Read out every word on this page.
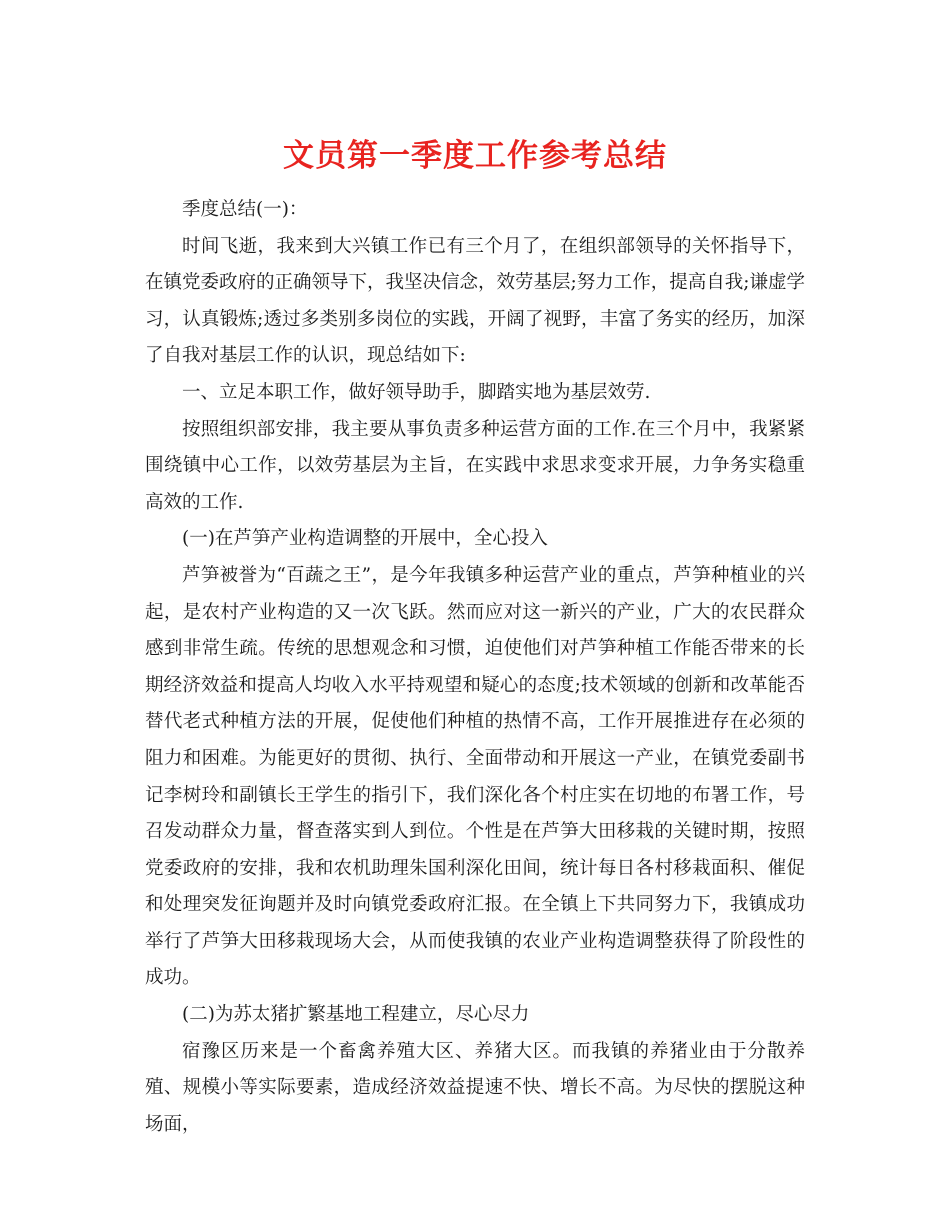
文员第一季度工作参考总结

季度总结(一)：

时间飞逝，我来到大兴镇工作已有三个月了，在组织部领导的关怀指导下，在镇党委政府的正确领导下，我坚决信念，效劳基层;努力工作，提高自我;谦虚学习，认真锻炼;透过多类别多岗位的实践，开阔了视野，丰富了务实的经历，加深了自我对基层工作的认识，现总结如下:

一、立足本职工作，做好领导助手，脚踏实地为基层效劳.

按照组织部安排，我主要从事负责多种运营方面的工作.在三个月中，我紧紧围绕镇中心工作，以效劳基层为主旨，在实践中求思求变求开展，力争务实稳重高效的工作.

(一)在芦笋产业构造调整的开展中，全心投入

芦笋被誉为“百蔬之王”，是今年我镇多种运营产业的重点，芦笋种植业的兴起，是农村产业构造的又一次飞跃。然而应对这一新兴的产业，广大的农民群众感到非常生疏。传统的思想观念和习惯，迫使他们对芦笋种植工作能否带来的长期经济效益和提高人均收入水平持观望和疑心的态度;技术领域的创新和改革能否替代老式种植方法的开展，促使他们种植的热情不高，工作开展推进存在必须的阻力和困难。为能更好的贯彻、执行、全面带动和开展这一产业，在镇党委副书记李树玲和副镇长王学生的指引下，我们深化各个村庄实在切地的布署工作，号召发动群众力量，督查落实到人到位。个性是在芦笋大田移栽的关键时期，按照党委政府的安排，我和农机助理朱国利深化田间，统计每日各村移栽面积、催促和处理突发征询题并及时向镇党委政府汇报。在全镇上下共同努力下，我镇成功举行了芦笋大田移栽现场大会，从而使我镇的农业产业构造调整获得了阶段性的成功。

(二)为苏太猪扩繁基地工程建立，尽心尽力

宿豫区历来是一个畜禽养殖大区、养猪大区。而我镇的养猪业由于分散养殖、规模小等实际要素，造成经济效益提速不快、增长不高。为尽快的摆脱这种场面，
